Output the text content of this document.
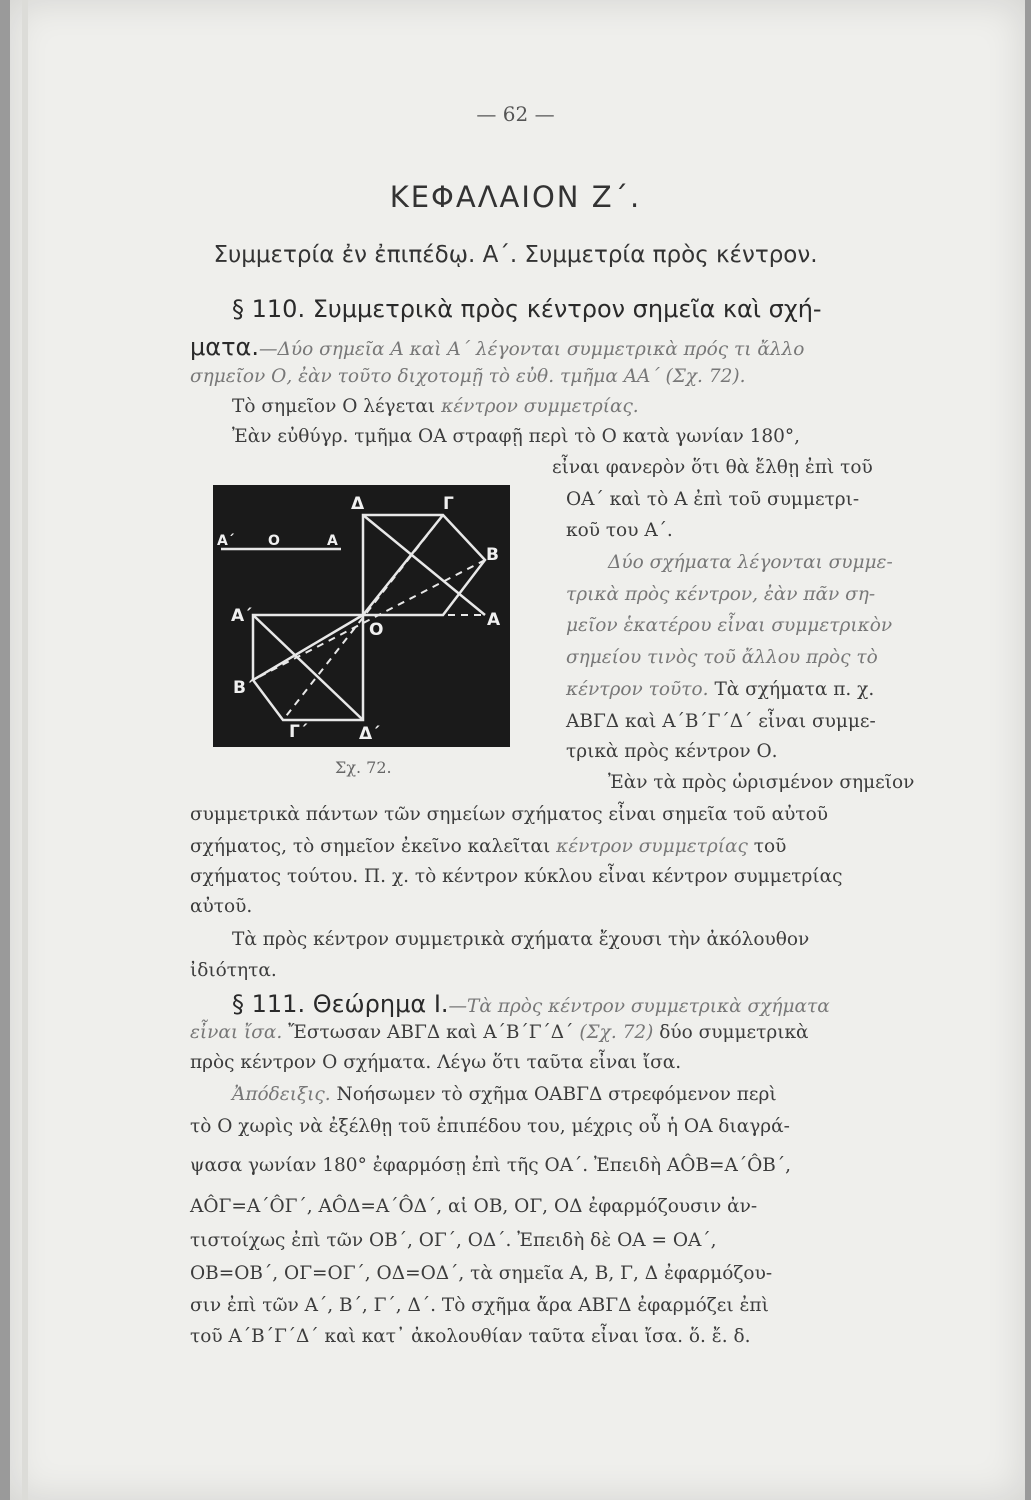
— 62 —
ΚΕΦΑΛΑΙΟΝ Ζ΄.
Συμμετρία ἐν ἐπιπέδῳ. Α΄. Συμμετρία πρὸς κέντρον.
§ 110. Συμμετρικὰ πρὸς κέντρον σημεῖα καὶ σχή-
ματα.—Δύο σημεῖα Α καὶ Α΄ λέγονται συμμετρικὰ πρός τι ἄλλο
σημεῖον Ο, ἐὰν τοῦτο διχοτομῇ τὸ εὐθ. τμῆμα ΑΑ΄ (Σχ. 72).
Τὸ σημεῖον Ο λέγεται κέντρον συμμετρίας.
Ἐὰν εὐθύγρ. τμῆμα ΟΑ στραφῇ περὶ τὸ Ο κατὰ γωνίαν 180°,
εἶναι φανερὸν ὅτι θὰ ἔλθῃ ἐπὶ τοῦ
ΟΑ΄ καὶ τὸ Α ἐπὶ τοῦ συμμετρι-
κοῦ του Α΄.
Δύο σχήματα λέγονται συμμε-
τρικὰ πρὸς κέντρον, ἐὰν πᾶν ση-
μεῖον ἑκατέρου εἶναι συμμετρικὸν
σημείου τινὸς τοῦ ἄλλου πρὸς τὸ
κέντρον τοῦτο. Τὰ σχήματα π. χ.
ΑΒΓΔ καὶ Α΄Β΄Γ΄Δ΄ εἶναι συμμε-
τρικὰ πρὸς κέντρον Ο.
Ἐὰν τὰ πρὸς ὡρισμένον σημεῖον
συμμετρικὰ πάντων τῶν σημείων σχήματος εἶναι σημεῖα τοῦ αὐτοῦ
σχήματος, τὸ σημεῖον ἐκεῖνο καλεῖται κέντρον συμμετρίας τοῦ
σχήματος τούτου. Π. χ. τὸ κέντρον κύκλου εἶναι κέντρον συμμετρίας
αὐτοῦ.
Τὰ πρὸς κέντρον συμμετρικὰ σχήματα ἔχουσι τὴν ἀκόλουθον
ἰδιότητα.
§ 111. Θεώρημα Ι.—Τὰ πρὸς κέντρον συμμετρικὰ σχήματα
εἶναι ἴσα. Ἔστωσαν ΑΒΓΔ καὶ Α΄Β΄Γ΄Δ΄ (Σχ. 72) δύο συμμετρικὰ
πρὸς κέντρον Ο σχήματα. Λέγω ὅτι ταῦτα εἶναι ἴσα.
Ἀπόδειξις. Νοήσωμεν τὸ σχῆμα ΟΑΒΓΔ στρεφόμενον περὶ
τὸ Ο χωρὶς νὰ ἐξέλθῃ τοῦ ἐπιπέδου του, μέχρις οὗ ἡ ΟΑ διαγρά-
ψασα γωνίαν 180° ἐφαρμόσῃ ἐπὶ τῆς ΟΑ΄. Ἐπειδὴ ΑÔΒ=Α΄ÔΒ΄,
ΑÔΓ=Α΄ÔΓ΄, ΑÔΔ=Α΄ÔΔ΄, αἱ ΟΒ, ΟΓ, ΟΔ ἐφαρμόζουσιν ἀν-
τιστοίχως ἐπὶ τῶν ΟΒ΄, ΟΓ΄, ΟΔ΄. Ἐπειδὴ δὲ ΟΑ = ΟΑ΄,
ΟΒ=ΟΒ΄, ΟΓ=ΟΓ΄, ΟΔ=ΟΔ΄, τὰ σημεῖα Α, Β, Γ, Δ ἐφαρμόζου-
σιν ἐπὶ τῶν Α΄, Β΄, Γ΄, Δ΄. Τὸ σχῆμα ἄρα ΑΒΓΔ ἐφαρμόζει ἐπὶ
τοῦ Α΄Β΄Γ΄Δ΄ καὶ κατ᾽ ἀκολουθίαν ταῦτα εἶναι ἴσα. ὅ. ἔ. δ.
Δ	Γ
Β
Α
Α΄ Ο	Α
Α΄
Ο
Β΄
Γ΄	Δ΄
Σχ. 72.
